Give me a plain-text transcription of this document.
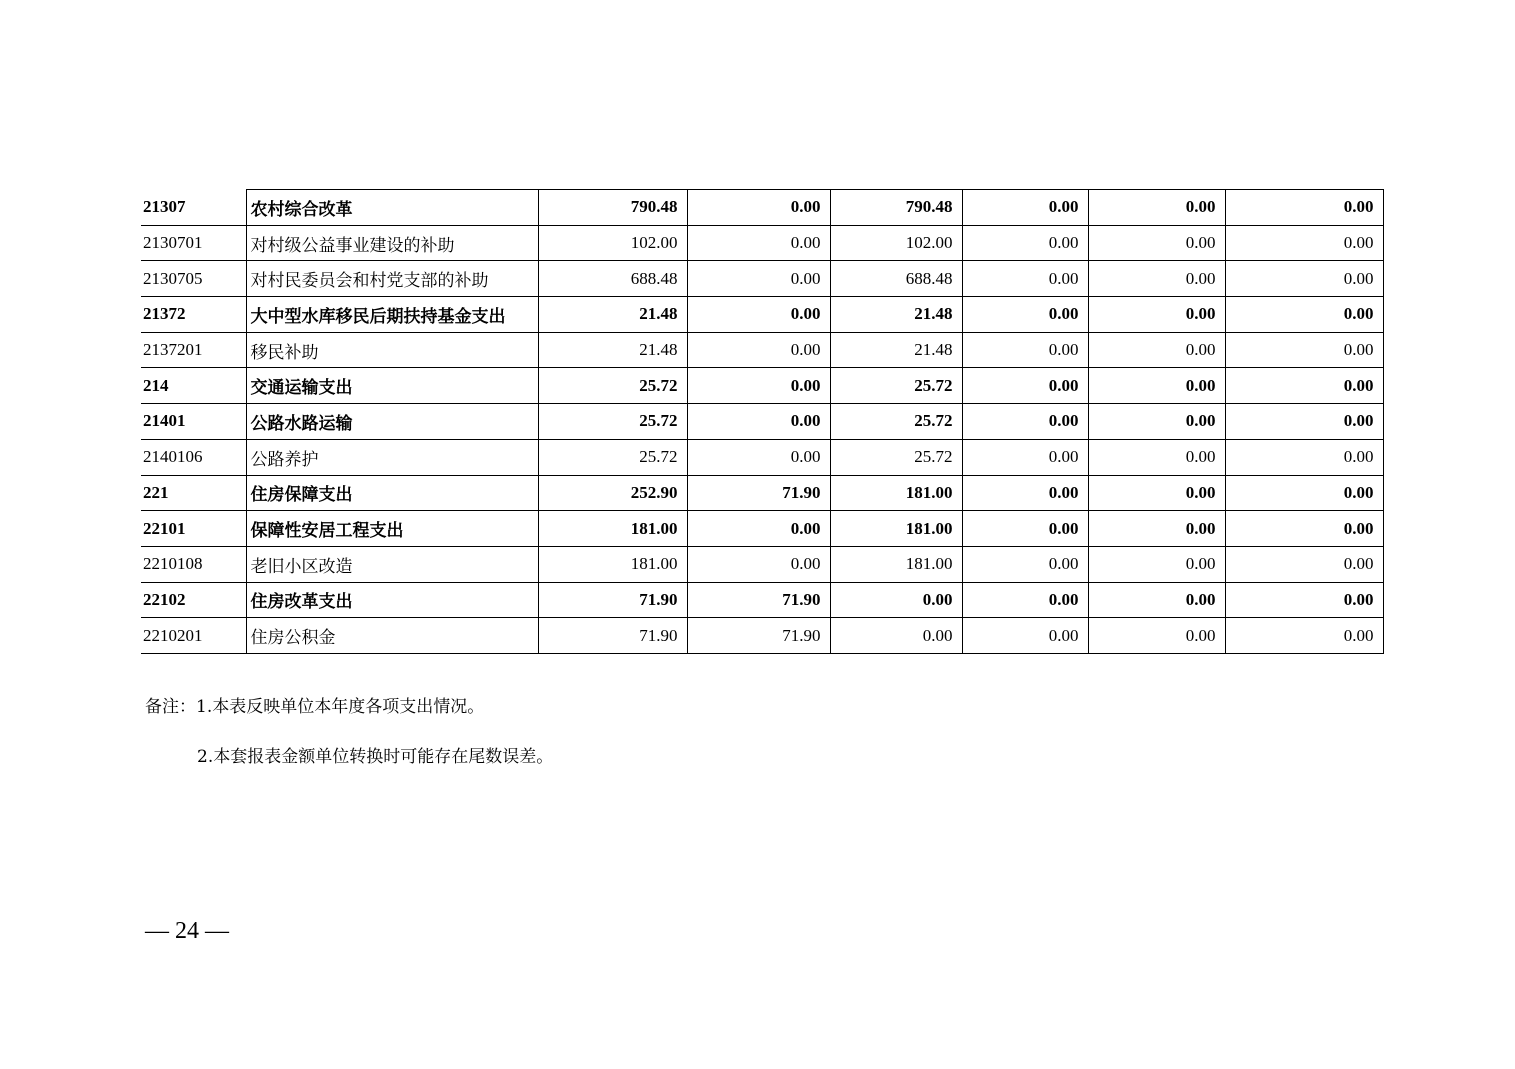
21307	农村综合改革	790.48	0.00	790.48	0.00	0.00	0.00
2130701	对村级公益事业建设的补助	102.00	0.00	102.00	0.00	0.00	0.00
2130705	对村民委员会和村党支部的补助	688.48	0.00	688.48	0.00	0.00	0.00
21372	大中型水库移民后期扶持基金支出	21.48	0.00	21.48	0.00	0.00	0.00
2137201	移民补助	21.48	0.00	21.48	0.00	0.00	0.00
214	交通运输支出	25.72	0.00	25.72	0.00	0.00	0.00
21401	公路水路运输	25.72	0.00	25.72	0.00	0.00	0.00
2140106	公路养护	25.72	0.00	25.72	0.00	0.00	0.00
221	住房保障支出	252.90	71.90	181.00	0.00	0.00	0.00
22101	保障性安居工程支出	181.00	0.00	181.00	0.00	0.00	0.00
2210108	老旧小区改造	181.00	0.00	181.00	0.00	0.00	0.00
22102	住房改革支出	71.90	71.90	0.00	0.00	0.00	0.00
2210201	住房公积金	71.90	71.90	0.00	0.00	0.00	0.00
备注：1.本表反映单位本年度各项支出情况。
2.本套报表金额单位转换时可能存在尾数误差。
— 24 —
